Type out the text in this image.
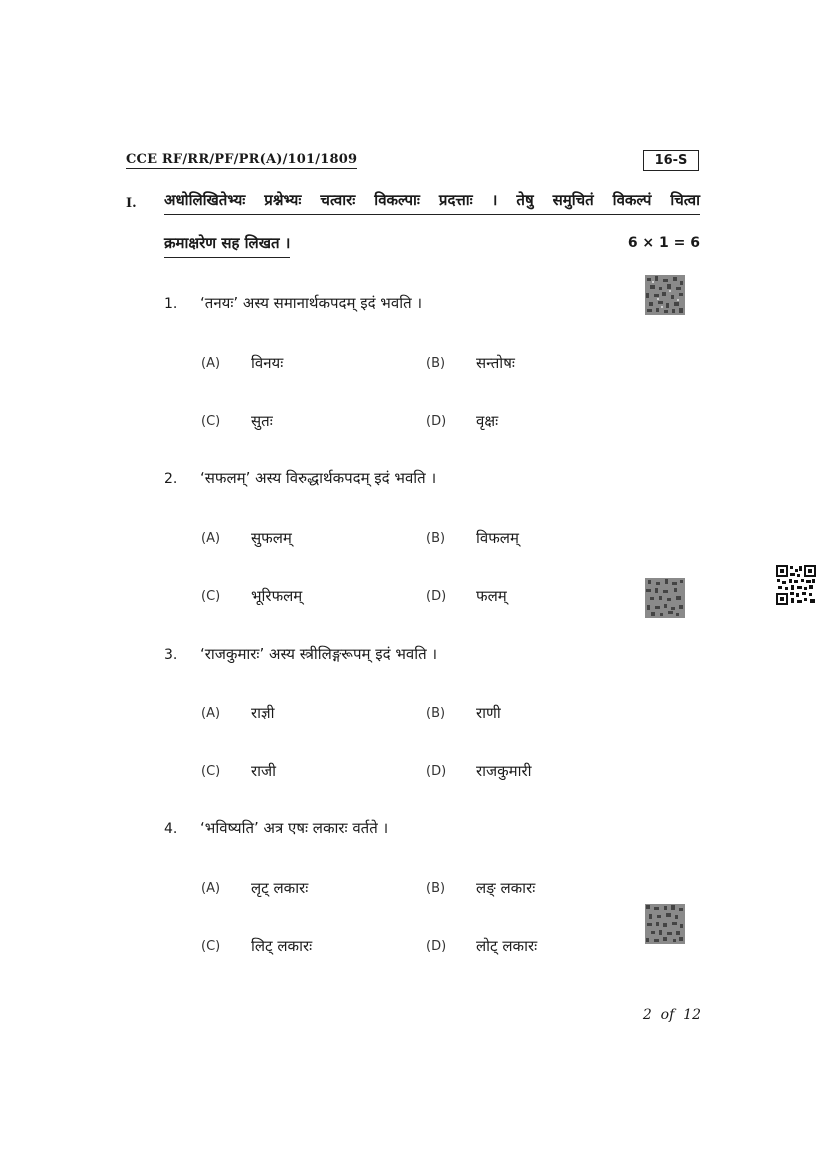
CCE RF/RR/PF/PR(A)/101/1809	16-S
I. अधोलिखितेभ्यः प्रश्नेभ्यः चत्वारः विकल्पाः प्रदत्ताः । तेषु समुचितं विकल्पं चित्वा
क्रमाक्षरेण सह लिखत ।	6 × 1 = 6
1. ‘तनयः’ अस्य समानार्थकपदम् इदं भवति ।
(A) विनयः	(B) सन्तोषः
(C) सुतः	(D) वृक्षः
2. ‘सफलम्’ अस्य विरुद्धार्थकपदम् इदं भवति ।
(A) सुफलम्	(B) विफलम्
(C) भूरिफलम्	(D) फलम्
3. ‘राजकुमारः’ अस्य स्त्रीलिङ्गरूपम् इदं भवति ।
(A) राज्ञी	(B) राणी
(C) राजी	(D) राजकुमारी
4. ‘भविष्यति’ अत्र एषः लकारः वर्तते ।
(A) लृट् लकारः	(B) लङ् लकारः
(C) लिट् लकारः	(D) लोट् लकारः
2  of  12
